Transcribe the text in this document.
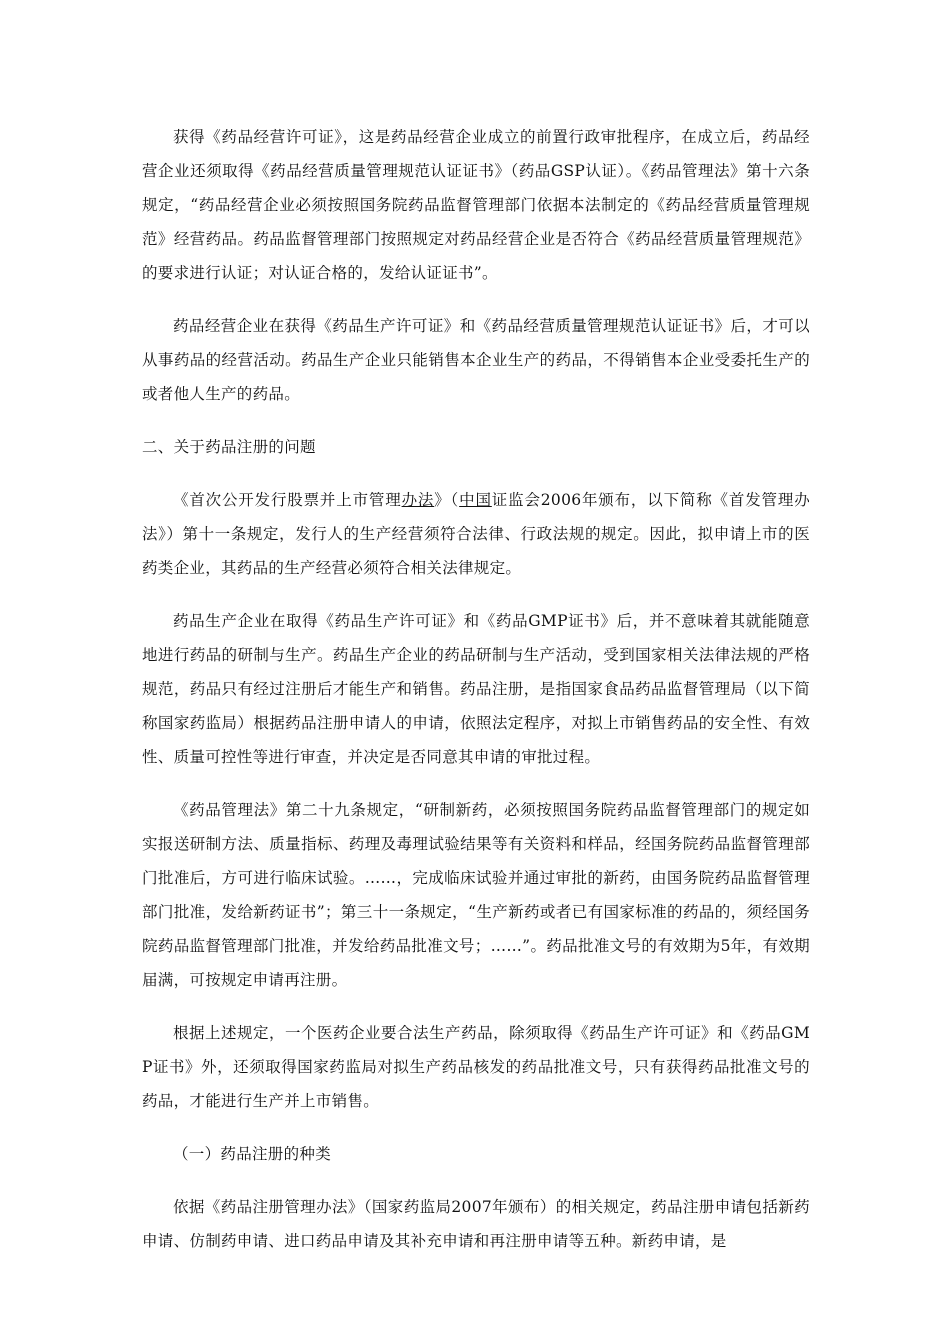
获得《药品经营许可证》，这是药品经营企业成立的前置行政审批程序，在成立后，药品经营企业还须取得《药品经营质量管理规范认证证书》（药品GSP认证）。《药品管理法》第十六条规定，“药品经营企业必须按照国务院药品监督管理部门依据本法制定的《药品经营质量管理规范》经营药品。药品监督管理部门按照规定对药品经营企业是否符合《药品经营质量管理规范》的要求进行认证；对认证合格的，发给认证证书”。

药品经营企业在获得《药品生产许可证》和《药品经营质量管理规范认证证书》后，才可以从事药品的经营活动。药品生产企业只能销售本企业生产的药品，不得销售本企业受委托生产的或者他人生产的药品。

二、关于药品注册的问题

《首次公开发行股票并上市管理办法》（中国证监会2006年颁布，以下简称《首发管理办法》）第十一条规定，发行人的生产经营须符合法律、行政法规的规定。因此，拟申请上市的医药类企业，其药品的生产经营必须符合相关法律规定。

药品生产企业在取得《药品生产许可证》和《药品GMP证书》后，并不意味着其就能随意地进行药品的研制与生产。药品生产企业的药品研制与生产活动，受到国家相关法律法规的严格规范，药品只有经过注册后才能生产和销售。药品注册，是指国家食品药品监督管理局（以下简称国家药监局）根据药品注册申请人的申请，依照法定程序，对拟上市销售药品的安全性、有效性、质量可控性等进行审查，并决定是否同意其申请的审批过程。

《药品管理法》第二十九条规定，“研制新药，必须按照国务院药品监督管理部门的规定如实报送研制方法、质量指标、药理及毒理试验结果等有关资料和样品，经国务院药品监督管理部门批准后，方可进行临床试验。……，完成临床试验并通过审批的新药，由国务院药品监督管理部门批准，发给新药证书”；第三十一条规定，“生产新药或者已有国家标准的药品的，须经国务院药品监督管理部门批准，并发给药品批准文号；……”。药品批准文号的有效期为5年，有效期届满，可按规定申请再注册。

根据上述规定，一个医药企业要合法生产药品，除须取得《药品生产许可证》和《药品GMP证书》外，还须取得国家药监局对拟生产药品核发的药品批准文号，只有获得药品批准文号的药品，才能进行生产并上市销售。

（一）药品注册的种类

依据《药品注册管理办法》（国家药监局2007年颁布）的相关规定，药品注册申请包括新药申请、仿制药申请、进口药品申请及其补充申请和再注册申请等五种。新药申请，是
